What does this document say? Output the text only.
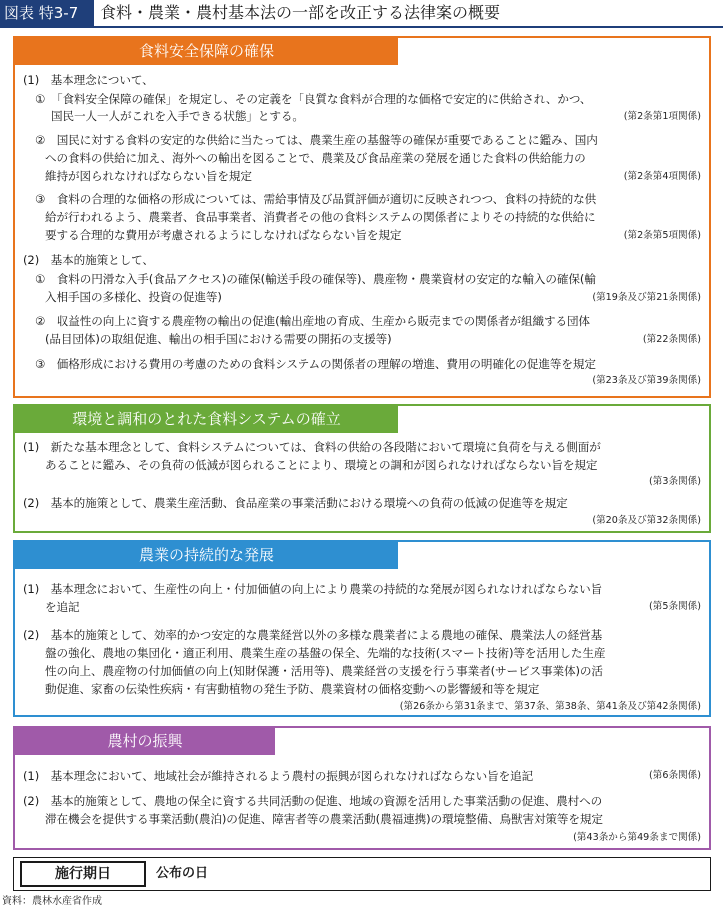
図表 特3-7	食料・農業・農村基本法の一部を改正する法律案の概要
食料安全保障の確保
(1)　基本理念について、
①　「食料安全保障の確保」を規定し、その定義を「良質な食料が合理的な価格で安定的に供給され、かつ、
国民一人一人がこれを入手できる状態」とする。	(第2条第1項関係)
②　国民に対する食料の安定的な供給に当たっては、農業生産の基盤等の確保が重要であることに鑑み、国内
への食料の供給に加え、海外への輸出を図ることで、農業及び食品産業の発展を通じた食料の供給能力の
維持が図られなければならない旨を規定	(第2条第4項関係)
③　食料の合理的な価格の形成については、需給事情及び品質評価が適切に反映されつつ、食料の持続的な供
給が行われるよう、農業者、食品事業者、消費者その他の食料システムの関係者によりその持続的な供給に
要する合理的な費用が考慮されるようにしなければならない旨を規定	(第2条第5項関係)
(2)　基本的施策として、
①　食料の円滑な入手(食品アクセス)の確保(輸送手段の確保等)、農産物・農業資材の安定的な輸入の確保(輸
入相手国の多様化、投資の促進等)	(第19条及び第21条関係)
②　収益性の向上に資する農産物の輸出の促進(輸出産地の育成、生産から販売までの関係者が組織する団体
(品目団体)の取組促進、輸出の相手国における需要の開拓の支援等)	(第22条関係)
③　価格形成における費用の考慮のための食料システムの関係者の理解の増進、費用の明確化の促進等を規定
(第23条及び第39条関係)
環境と調和のとれた食料システムの確立
(1)　新たな基本理念として、食料システムについては、食料の供給の各段階において環境に負荷を与える側面が
あることに鑑み、その負荷の低減が図られることにより、環境との調和が図られなければならない旨を規定
(第3条関係)
(2)　基本的施策として、農業生産活動、食品産業の事業活動における環境への負荷の低減の促進等を規定
(第20条及び第32条関係)
農業の持続的な発展
(1)　基本理念において、生産性の向上・付加価値の向上により農業の持続的な発展が図られなければならない旨
を追記	(第5条関係)
(2)　基本的施策として、効率的かつ安定的な農業経営以外の多様な農業者による農地の確保、農業法人の経営基
盤の強化、農地の集団化・適正利用、農業生産の基盤の保全、先端的な技術(スマート技術)等を活用した生産
性の向上、農産物の付加価値の向上(知財保護・活用等)、農業経営の支援を行う事業者(サービス事業体)の活
動促進、家畜の伝染性疾病・有害動植物の発生予防、農業資材の価格変動への影響緩和等を規定
(第26条から第31条まで、第37条、第38条、第41条及び第42条関係)
農村の振興
(1)　基本理念において、地域社会が維持されるよう農村の振興が図られなければならない旨を追記	(第6条関係)
(2)　基本的施策として、農地の保全に資する共同活動の促進、地域の資源を活用した事業活動の促進、農村への
滞在機会を提供する事業活動(農泊)の促進、障害者等の農業活動(農福連携)の環境整備、鳥獣害対策等を規定
(第43条から第49条まで関係)
施行期日	公布の日
資料：農林水産省作成
